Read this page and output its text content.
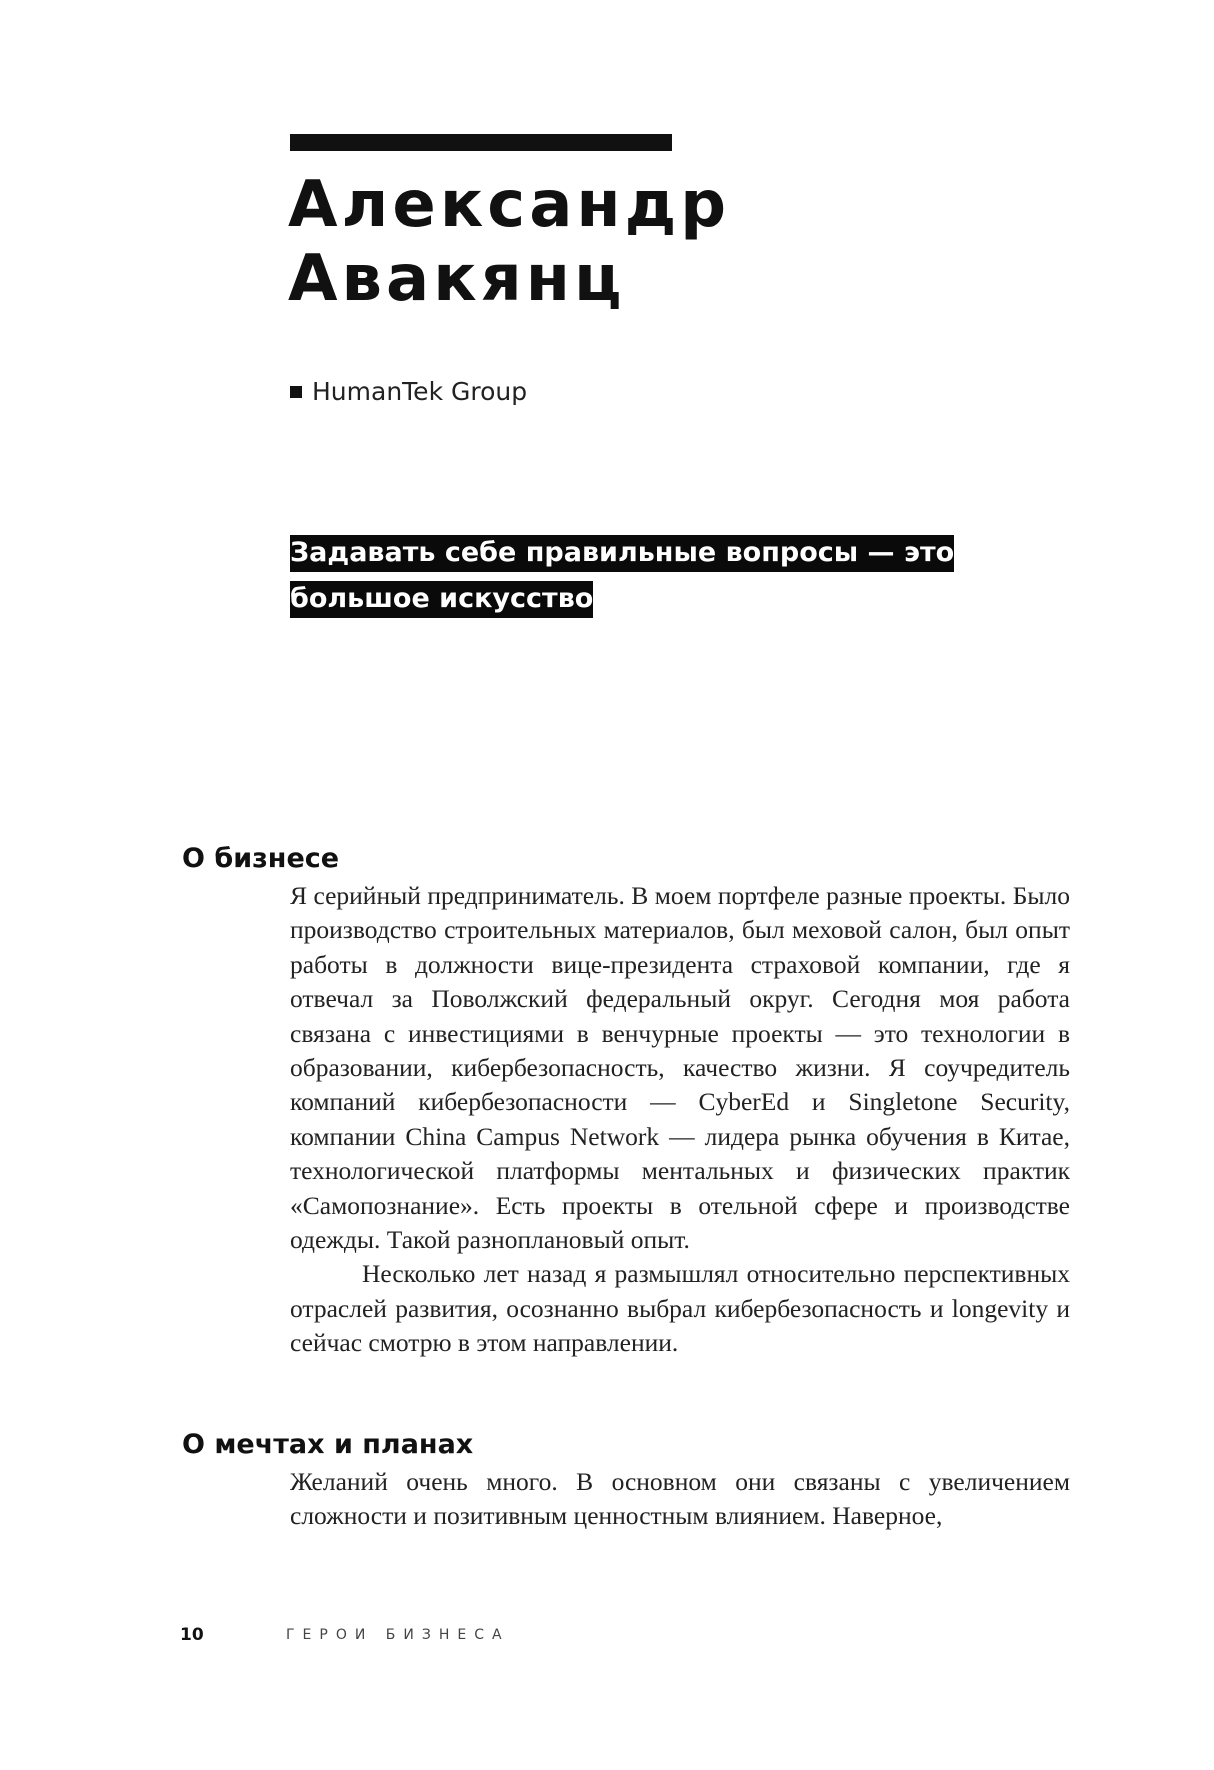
Александр
Авакянц
HumanTek Group
Задавать себе правильные вопросы — это
большое искусство
О бизнесе

Я серийный предприниматель. В моем портфеле разные проекты. Было производство строительных материалов, был меховой салон, был опыт работы в должности вице-президента страховой компании, где я отвечал за Поволжский федеральный округ. Сегодня моя работа связана с инвестициями в венчурные проекты — это технологии в образовании, кибербезопасность, качество жизни. Я соучредитель компаний кибербезопасности — CyberEd и Singletone Security, компании China Campus Network — лидера рынка обучения в Китае, технологической платформы ментальных и физических практик «Самопознание». Есть проекты в отельной сфере и производстве одежды. Такой разноплановый опыт.

Несколько лет назад я размышлял относительно перспективных отраслей развития, осознанно выбрал кибербезопасность и longevity и сейчас смотрю в этом направлении.

О мечтах и планах

Желаний очень много. В основном они связаны с увеличением сложности и позитивным ценностным влиянием. Наверное,

10	ГЕРОИ БИЗНЕСА
